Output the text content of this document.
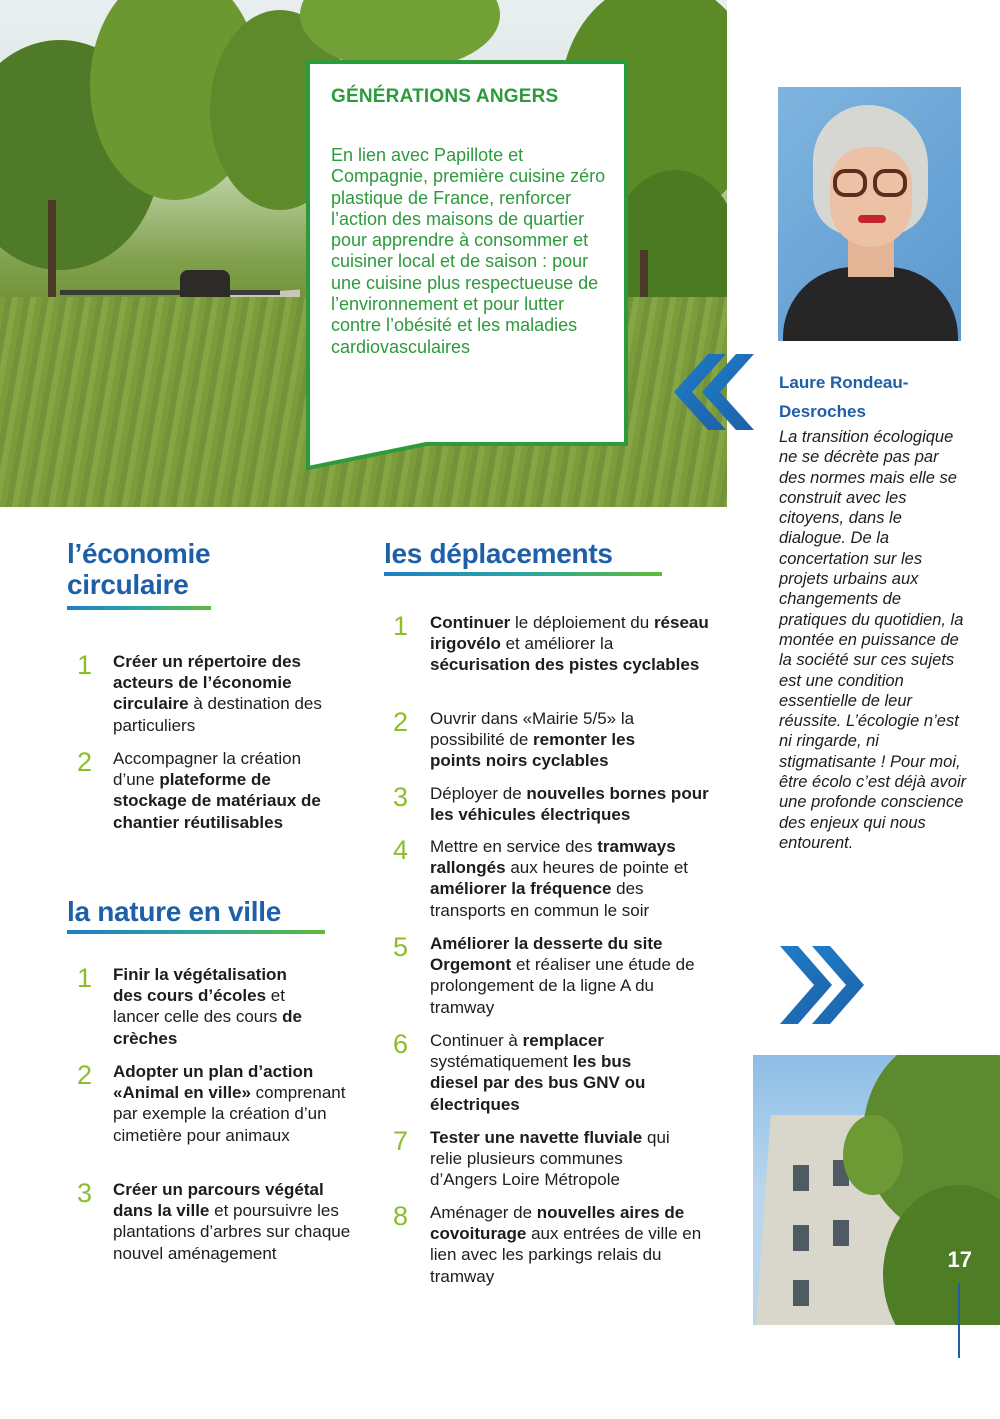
GÉNÉRATIONS ANGERS
En lien avec Papillote et Compagnie, première cuisine zéro plastique de France, renforcer l’action des maisons de quartier pour apprendre à consommer et cuisiner local et de saison : pour une cuisine plus respectueuse de l’environnement et pour lutter contre l’obésité et les maladies cardiovasculaires
Laure Rondeau-Desroches
La transition écologique ne se décrète pas par des normes mais elle se construit avec les citoyens, dans le dialogue. De la concertation sur les projets urbains aux changements de pratiques du quotidien, la montée en puissance de la société sur ces sujets est une condition essentielle de leur réussite. L’écologie n’est ni ringarde, ni stigmatisante ! Pour moi, être écolo c’est déjà avoir une profonde conscience des enjeux qui nous entourent.
17
l’économie circulaire
1 Créer un répertoire des acteurs de l’économie circulaire à destination des particuliers
2 Accompagner la création d’une plateforme de stockage de matériaux de chantier réutilisables
la nature en ville
1 Finir la végétalisation des cours d’écoles et lancer celle des cours de crèches
2 Adopter un plan d’action «Animal en ville» comprenant par exemple la création d’un cimetière pour animaux
3 Créer un parcours végétal dans la ville et poursuivre les plantations d’arbres sur chaque nouvel aménagement
les déplacements
1 Continuer le déploiement du réseau irigovélo et améliorer la sécurisation des pistes cyclables
2 Ouvrir dans «Mairie 5/5» la possibilité de remonter les points noirs cyclables
3 Déployer de nouvelles bornes pour les véhicules électriques
4 Mettre en service des tramways rallongés aux heures de pointe et améliorer la fréquence des transports en commun le soir
5 Améliorer la desserte du site Orgemont et réaliser une étude de prolongement de la ligne A du tramway
6 Continuer à remplacer systématiquement les bus diesel par des bus GNV ou électriques
7 Tester une navette fluviale qui relie plusieurs communes d’Angers Loire Métropole
8 Aménager de nouvelles aires de covoiturage aux entrées de ville en lien avec les parkings relais du tramway
